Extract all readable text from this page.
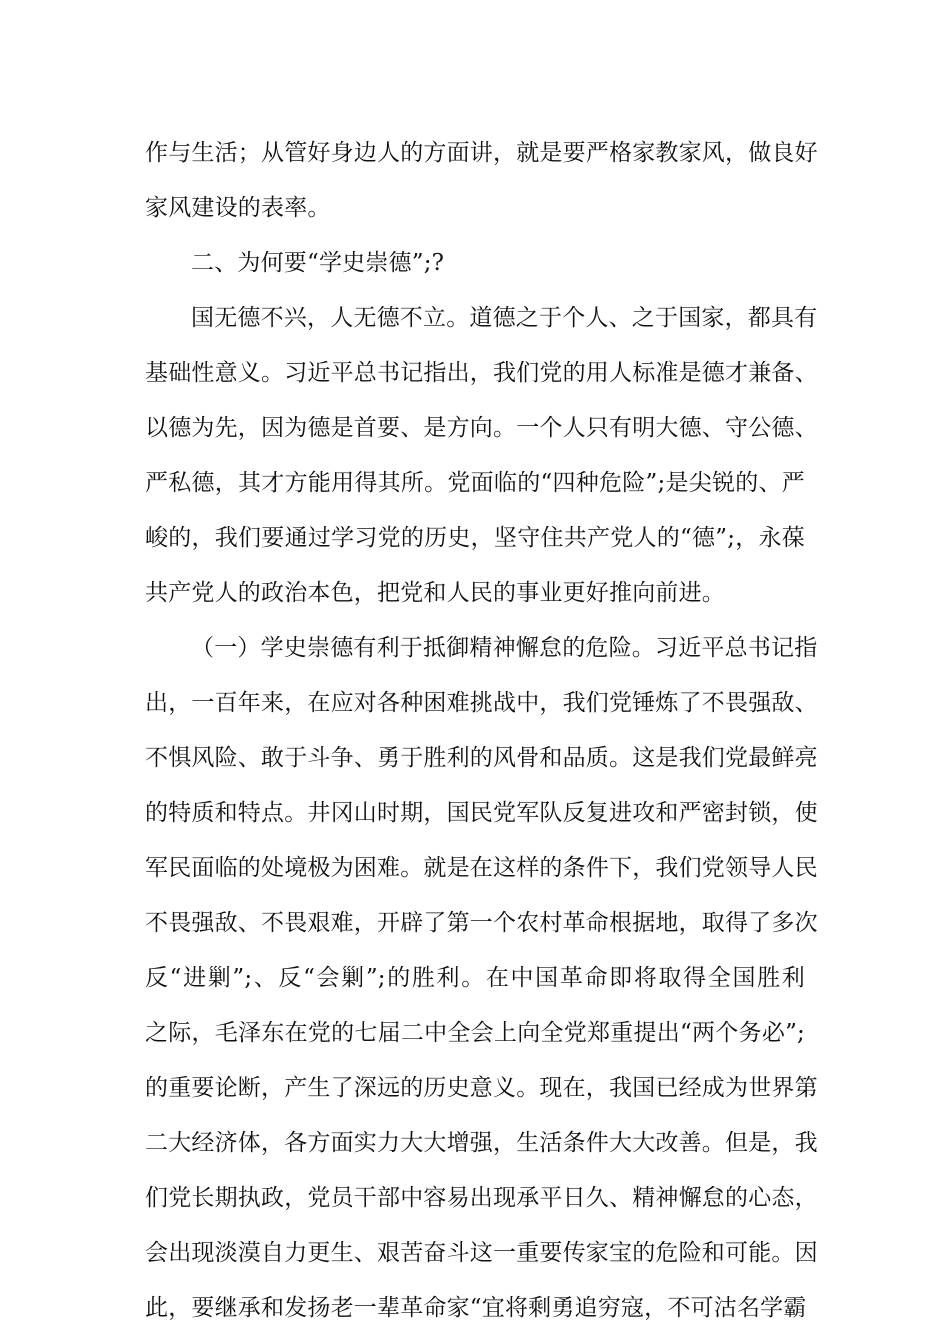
作与生活；从管好身边人的方面讲，就是要严格家教家风，做良好
家风建设的表率。
二、为何要“学史崇德”;?
国无德不兴，人无德不立。道德之于个人、之于国家，都具有
基础性意义。习近平总书记指出，我们党的用人标准是德才兼备、
以德为先，因为德是首要、是方向。一个人只有明大德、守公德、
严私德，其才方能用得其所。党面临的“四种危险”;是尖锐的、严
峻的，我们要通过学习党的历史，坚守住共产党人的“德”;，永葆
共产党人的政治本色，把党和人民的事业更好推向前进。
（一）学史崇德有利于抵御精神懈怠的危险。习近平总书记指
出，一百年来，在应对各种困难挑战中，我们党锤炼了不畏强敌、
不惧风险、敢于斗争、勇于胜利的风骨和品质。这是我们党最鲜亮
的特质和特点。井冈山时期，国民党军队反复进攻和严密封锁，使
军民面临的处境极为困难。就是在这样的条件下，我们党领导人民
不畏强敌、不畏艰难，开辟了第一个农村革命根据地，取得了多次
反“进剿”;、反“会剿”;的胜利。在中国革命即将取得全国胜利
之际，毛泽东在党的七届二中全会上向全党郑重提出“两个务必”;
的重要论断，产生了深远的历史意义。现在，我国已经成为世界第
二大经济体，各方面实力大大增强，生活条件大大改善。但是，我
们党长期执政，党员干部中容易出现承平日久、精神懈怠的心态，
会出现淡漠自力更生、艰苦奋斗这一重要传家宝的危险和可能。因
此，要继承和发扬老一辈革命家“宜将剩勇追穷寇，不可沽名学霸
